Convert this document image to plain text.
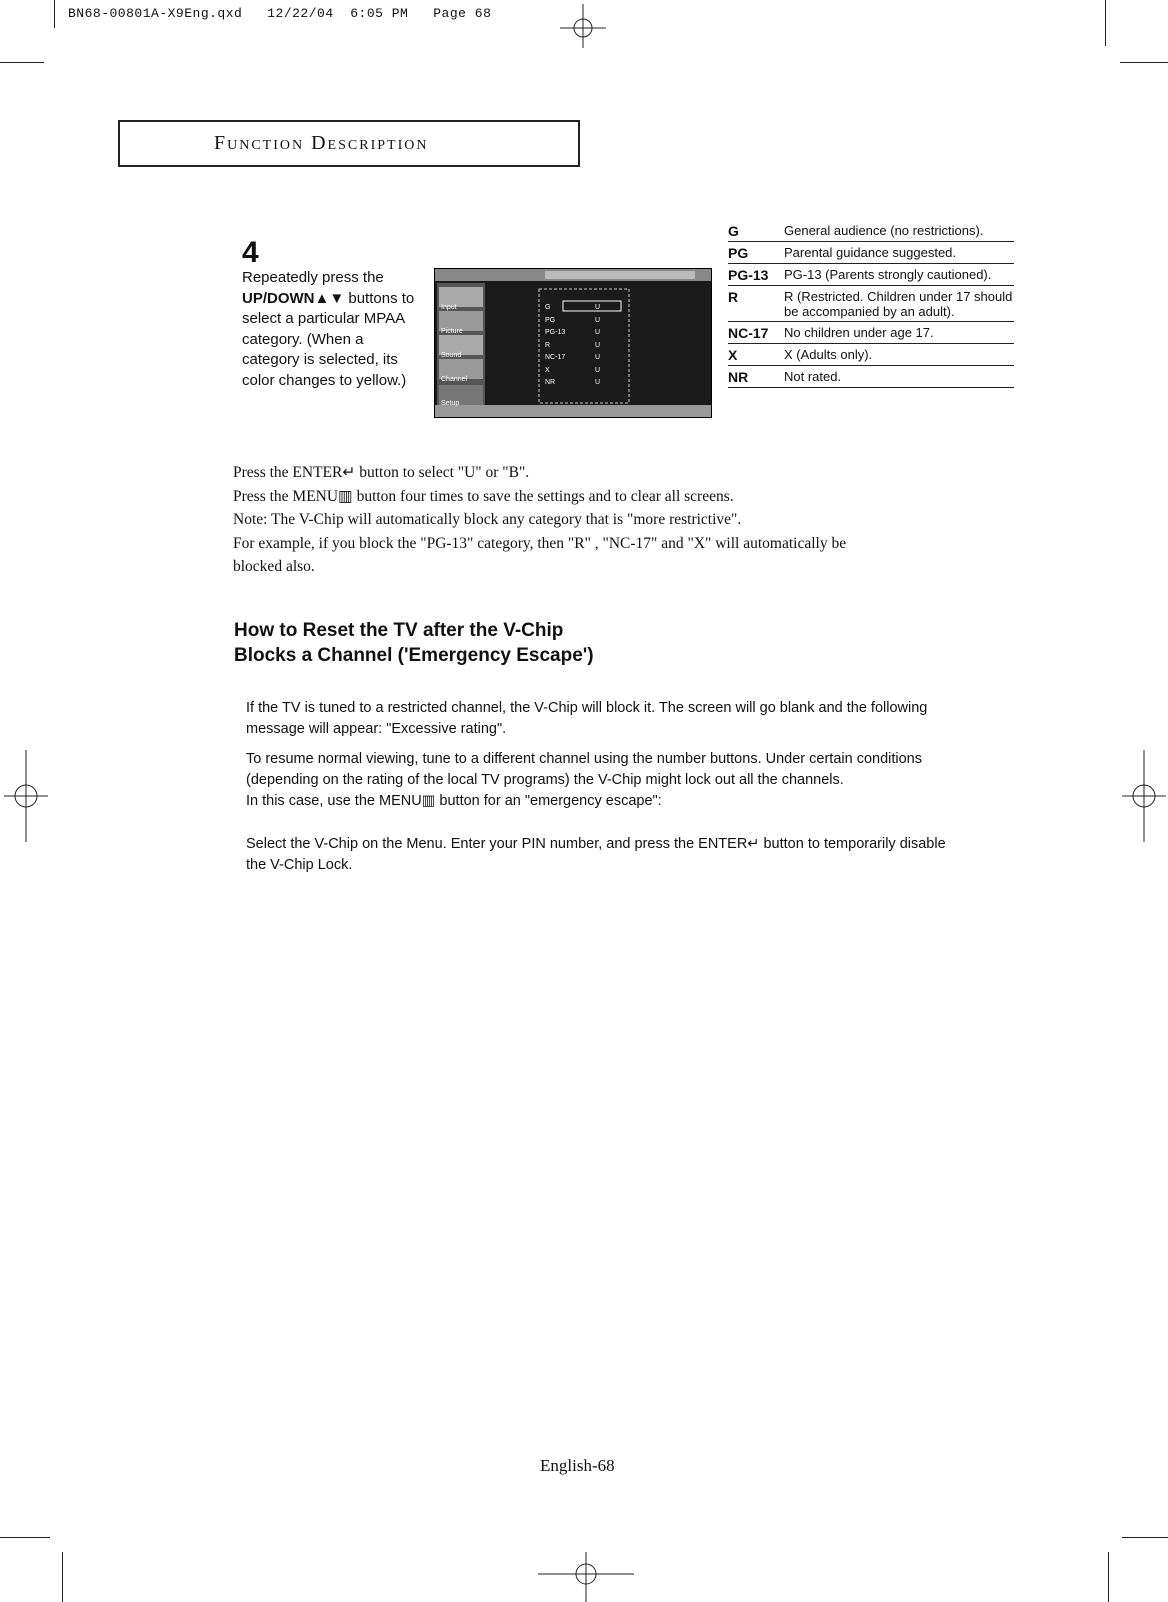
BN68-00801A-X9Eng.qxd   12/22/04  6:05 PM   Page 68
Function Description
4
Repeatedly press the UP/DOWN▲▼ buttons to select a particular MPAA category. (When a category is selected, its color changes to yellow.)
Input
Picture
Sound
Channel
Setup
G	U
PG	U
PG-13	U
R	U
NC-17	U
X	U
NR	U
G	General audience (no restrictions).
PG	Parental guidance suggested.
PG-13	PG-13 (Parents strongly cautioned).
R	R (Restricted. Children under 17 should be accompanied by an adult).
NC-17	No children under age 17.
X	X (Adults only).
NR	Not rated.

Press the ENTER↵ button to select "U" or "B".

Press the MENU▥ button four times to save the settings and to clear all screens.

Note: The V-Chip will automatically block any category that is "more restrictive".

For example, if you block the "PG-13" category, then "R" , "NC-17" and "X" will automatically be blocked also.

How to Reset the TV after the V-Chip
Blocks a Channel ('Emergency Escape')

If the TV is tuned to a restricted channel, the V-Chip will block it. The screen will go blank and the following message will appear: "Excessive rating".

To resume normal viewing, tune to a different channel using the number buttons. Under certain conditions (depending on the rating of the local TV programs) the V-Chip might lock out all the channels.

In this case, use the MENU▥ button for an "emergency escape":

Select the V-Chip on the Menu. Enter your PIN number, and press the ENTER↵ button to temporarily disable the V-Chip Lock.

English-68
